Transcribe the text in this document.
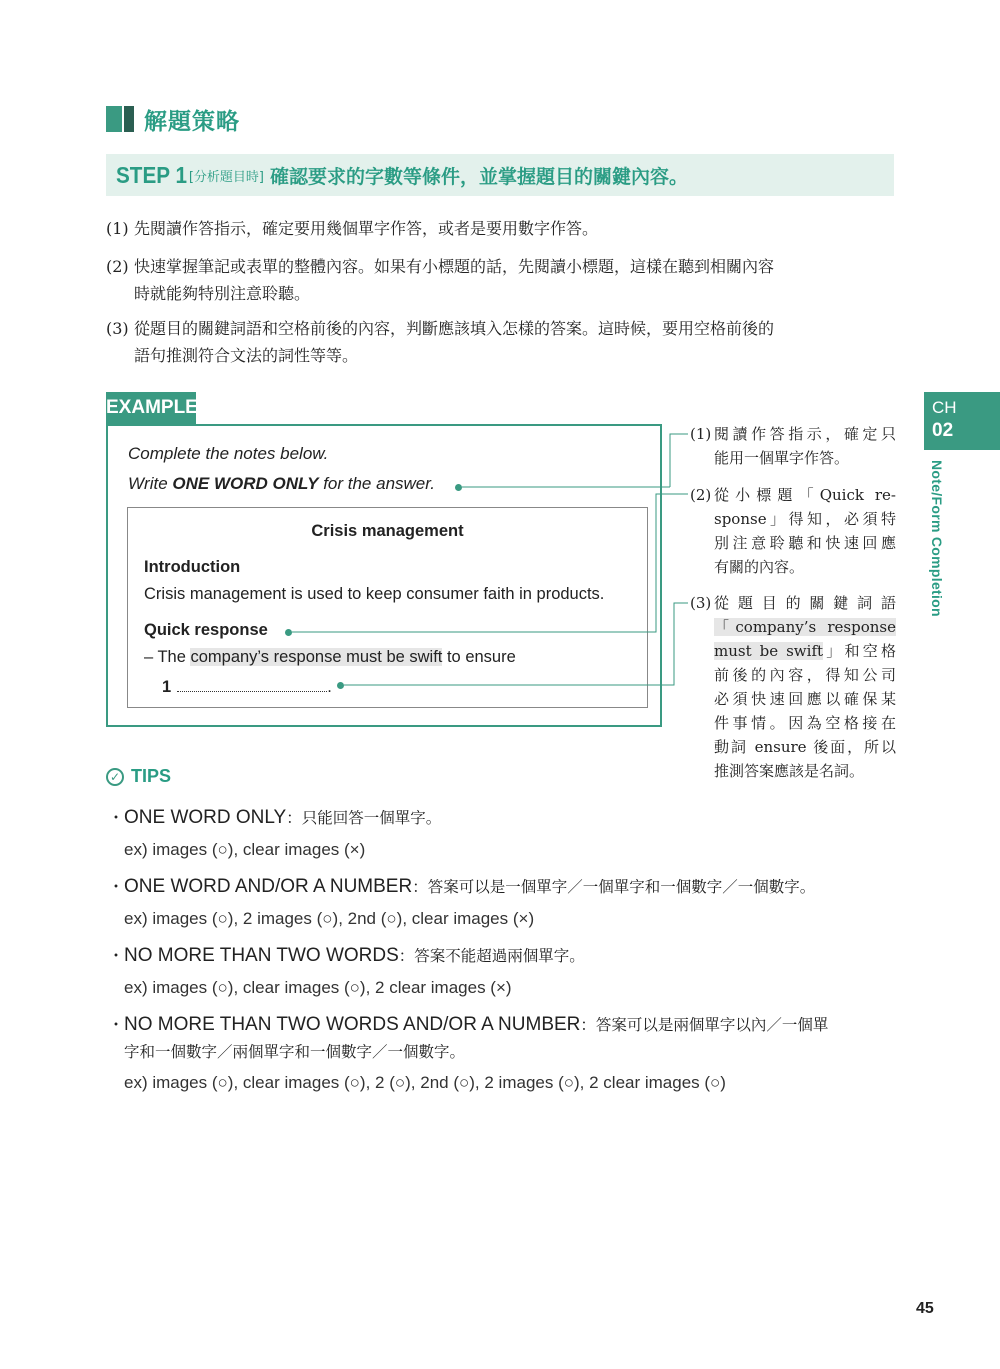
解題策略
STEP 1 [分析題目時] 確認要求的字數等條件，並掌握題目的關鍵內容。
(1) 先閱讀作答指示，確定要用幾個單字作答，或者是要用數字作答。
(2) 快速掌握筆記或表單的整體內容。如果有小標題的話，先閱讀小標題，這樣在聽到相關內容
時就能夠特別注意聆聽。
(3) 從題目的關鍵詞語和空格前後的內容，判斷應該填入怎樣的答案。這時候，要用空格前後的
語句推測符合文法的詞性等等。
EXAMPLE
Complete the notes below.
Write ONE WORD ONLY for the answer.
Crisis management
Introduction
Crisis management is used to keep consumer faith in products.
Quick response
– The company’s response must be swift to ensure
1	.
(1) 閱讀作答指示，確定只
能用一個單字作答。
(2) 從小標題「Quick re-
sponse」得知，必須特
別注意聆聽和快速回應
有關的內容。
(3) 從 題 目 的 關 鍵 詞 語
「company’s response
must be swift」和空格
前後的內容，得知公司
必須快速回應以確保某
件事情。因為空格接在
動詞 ensure 後面，所以
推測答案應該是名詞。
CH
02
Note/Form Completion
✓ TIPS
・ONE WORD ONLY：只能回答一個單字。
ex) images (○), clear images (×)
・ONE WORD AND/OR A NUMBER：答案可以是一個單字／一個單字和一個數字／一個數字。
ex) images (○), 2 images (○), 2nd (○), clear images (×)
・NO MORE THAN TWO WORDS：答案不能超過兩個單字。
ex) images (○), clear images (○), 2 clear images (×)
・NO MORE THAN TWO WORDS AND/OR A NUMBER：答案可以是兩個單字以內／一個單
字和一個數字／兩個單字和一個數字／一個數字。
ex) images (○), clear images (○), 2 (○), 2nd (○), 2 images (○), 2 clear images (○)
45
